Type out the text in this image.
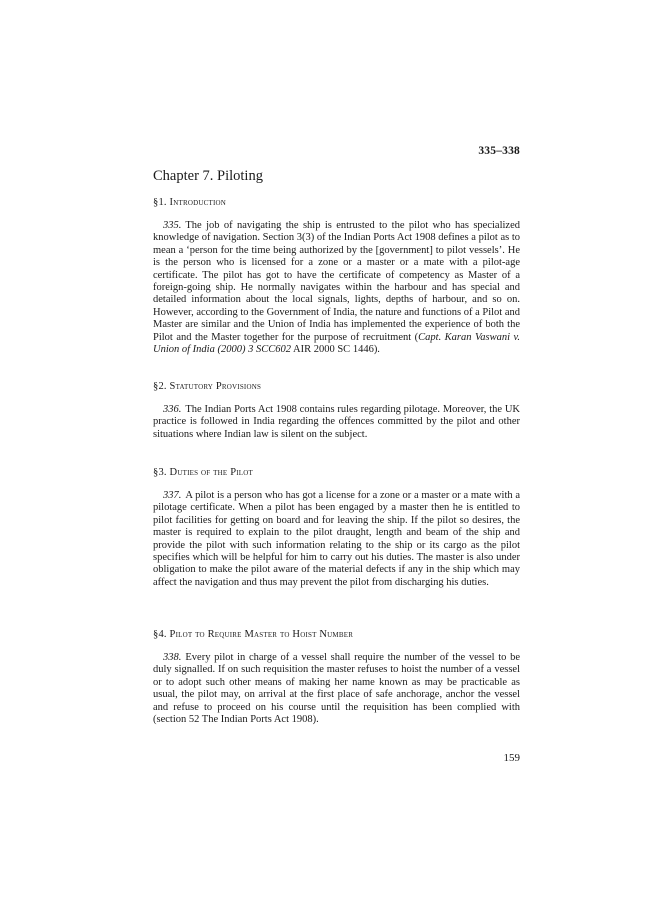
335–338
Chapter 7. Piloting
§1. Introduction

335. The job of navigating the ship is entrusted to the pilot who has specialized knowledge of navigation. Section 3(3) of the Indian Ports Act 1908 defines a pilot as to mean a ‘person for the time being authorized by the [government] to pilot vessels’. He is the person who is licensed for a zone or a master or a mate with a pilot-age certificate. The pilot has got to have the certificate of competency as Master of a foreign-going ship. He normally navigates within the harbour and has special and detailed information about the local signals, lights, depths of harbour, and so on. However, according to the Government of India, the nature and functions of a Pilot and Master are similar and the Union of India has implemented the experience of both the Pilot and the Master together for the purpose of recruitment (Capt. Karan Vaswani v. Union of India (2000) 3 SCC602 AIR 2000 SC 1446).

§2. Statutory Provisions

336. The Indian Ports Act 1908 contains rules regarding pilotage. Moreover, the UK practice is followed in India regarding the offences committed by the pilot and other situations where Indian law is silent on the subject.

§3. Duties of the Pilot

337. A pilot is a person who has got a license for a zone or a master or a mate with a pilotage certificate. When a pilot has been engaged by a master then he is entitled to pilot facilities for getting on board and for leaving the ship. If the pilot so desires, the master is required to explain to the pilot draught, length and beam of the ship and provide the pilot with such information relating to the ship or its cargo as the pilot specifies which will be helpful for him to carry out his duties. The master is also under obligation to make the pilot aware of the material defects if any in the ship which may affect the navigation and thus may prevent the pilot from discharging his duties.

§4. Pilot to Require Master to Hoist Number

338. Every pilot in charge of a vessel shall require the number of the vessel to be duly signalled. If on such requisition the master refuses to hoist the number of a vessel or to adopt such other means of making her name known as may be practicable as usual, the pilot may, on arrival at the first place of safe anchorage, anchor the vessel and refuse to proceed on his course until the requisition has been complied with (section 52 The Indian Ports Act 1908).

159
